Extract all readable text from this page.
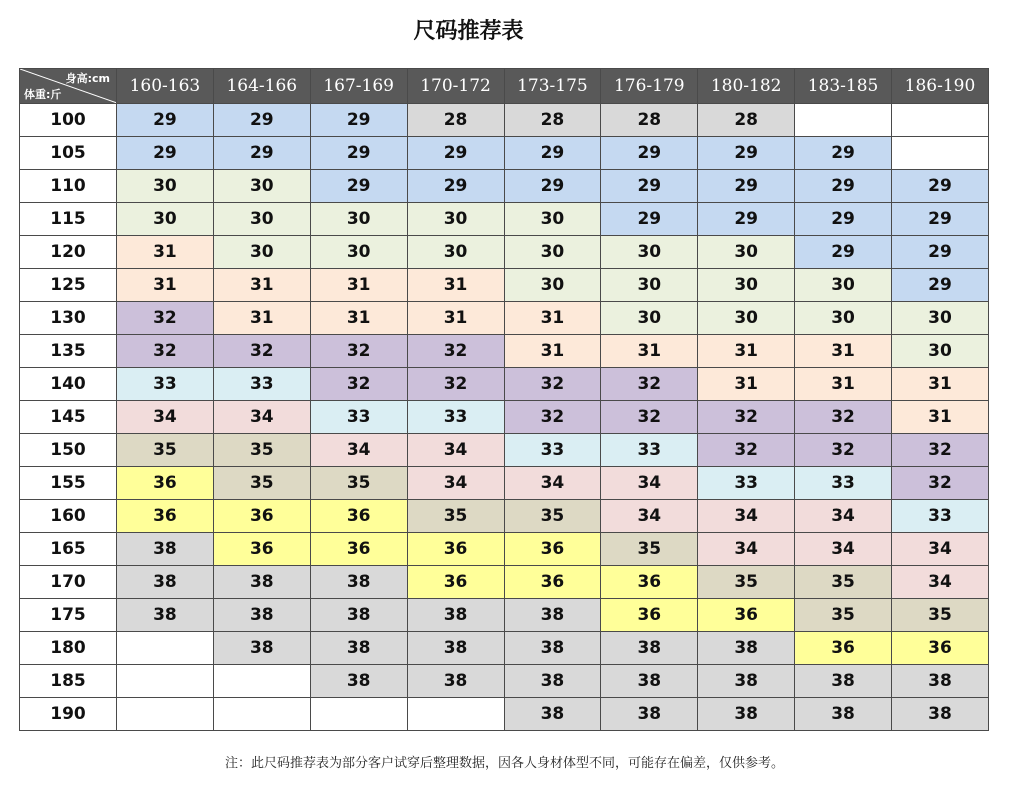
尺码推荐表
身高:cm
体重:斤	160-163	164-166	167-169	170-172	173-175	176-179	180-182	183-185	186-190
100	29	29	29	28	28	28	28		
105	29	29	29	29	29	29	29	29	
110	30	30	29	29	29	29	29	29	29
115	30	30	30	30	30	29	29	29	29
120	31	30	30	30	30	30	30	29	29
125	31	31	31	31	30	30	30	30	29
130	32	31	31	31	31	30	30	30	30
135	32	32	32	32	31	31	31	31	30
140	33	33	32	32	32	32	31	31	31
145	34	34	33	33	32	32	32	32	31
150	35	35	34	34	33	33	32	32	32
155	36	35	35	34	34	34	33	33	32
160	36	36	36	35	35	34	34	34	33
165	38	36	36	36	36	35	34	34	34
170	38	38	38	36	36	36	35	35	34
175	38	38	38	38	38	36	36	35	35
180		38	38	38	38	38	38	36	36
185			38	38	38	38	38	38	38
190					38	38	38	38	38
注：此尺码推荐表为部分客户试穿后整理数据，因各人身材体型不同，可能存在偏差，仅供参考。
